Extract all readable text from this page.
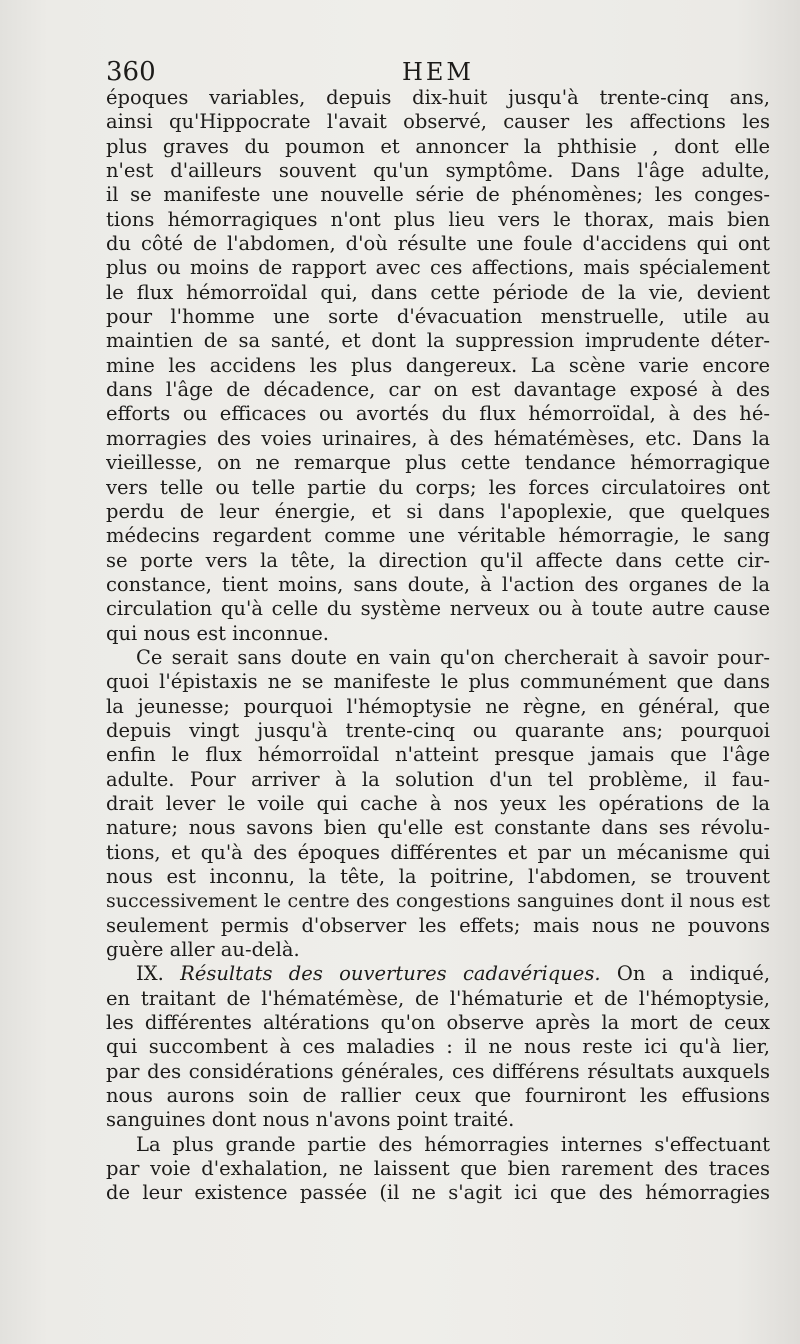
360	HEM
époques variables, depuis dix-huit jusqu'à trente-cinq ans,
ainsi qu'Hippocrate l'avait observé, causer les affections les
plus graves du poumon et annoncer la phthisie , dont elle
n'est d'ailleurs souvent qu'un symptôme. Dans l'âge adulte,
il se manifeste une nouvelle série de phénomènes; les conges-
tions hémorragiques n'ont plus lieu vers le thorax, mais bien
du côté de l'abdomen, d'où résulte une foule d'accidens qui ont
plus ou moins de rapport avec ces affections, mais spécialement
le flux hémorroïdal qui, dans cette période de la vie, devient
pour l'homme une sorte d'évacuation menstruelle, utile au
maintien de sa santé, et dont la suppression imprudente déter-
mine les accidens les plus dangereux. La scène varie encore
dans l'âge de décadence, car on est davantage exposé à des
efforts ou efficaces ou avortés du flux hémorroïdal, à des hé-
morragies des voies urinaires, à des hématémèses, etc. Dans la
vieillesse, on ne remarque plus cette tendance hémorragique
vers telle ou telle partie du corps; les forces circulatoires ont
perdu de leur énergie, et si dans l'apoplexie, que quelques
médecins regardent comme une véritable hémorragie, le sang
se porte vers la tête, la direction qu'il affecte dans cette cir-
constance, tient moins, sans doute, à l'action des organes de la
circulation qu'à celle du système nerveux ou à toute autre cause
qui nous est inconnue.
Ce serait sans doute en vain qu'on chercherait à savoir pour-
quoi l'épistaxis ne se manifeste le plus communément que dans
la jeunesse; pourquoi l'hémoptysie ne règne, en général, que
depuis vingt jusqu'à trente-cinq ou quarante ans; pourquoi
enfin le flux hémorroïdal n'atteint presque jamais que l'âge
adulte. Pour arriver à la solution d'un tel problème, il fau-
drait lever le voile qui cache à nos yeux les opérations de la
nature; nous savons bien qu'elle est constante dans ses révolu-
tions, et qu'à des époques différentes et par un mécanisme qui
nous est inconnu, la tête, la poitrine, l'abdomen, se trouvent
successivement le centre des congestions sanguines dont il nous est
seulement permis d'observer les effets; mais nous ne pouvons
guère aller au-delà.
IX. Résultats des ouvertures cadavériques. On a indiqué,
en traitant de l'hématémèse, de l'hématurie et de l'hémoptysie,
les différentes altérations qu'on observe après la mort de ceux
qui succombent à ces maladies : il ne nous reste ici qu'à lier,
par des considérations générales, ces différens résultats auxquels
nous aurons soin de rallier ceux que fourniront les effusions
sanguines dont nous n'avons point traité.
La plus grande partie des hémorragies internes s'effectuant
par voie d'exhalation, ne laissent que bien rarement des traces
de leur existence passée (il ne s'agit ici que des hémorragies
